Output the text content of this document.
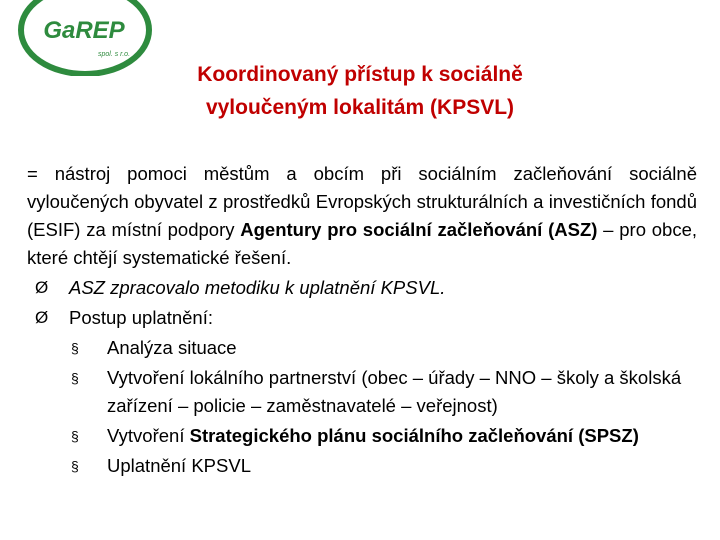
GaREP
spol. s r.o.
Koordinovaný přístup k sociálně
vyloučeným lokalitám (KPSVL)

= nástroj pomoci městům a obcím při sociálním začleňování sociálně vyloučených obyvatel z prostředků Evropských strukturálních a investičních fondů (ESIF) za místní podpory Agentury pro sociální začleňování (ASZ) – pro obce, které chtějí systematické řešení.

Ø ASZ zpracovalo metodiku k uplatnění KPSVL.
Ø Postup uplatnění:
§ Analýza situace
§ Vytvoření lokálního partnerství (obec – úřady – NNO – školy a školská zařízení – policie – zaměstnavatelé – veřejnost)
§ Vytvoření Strategického plánu sociálního začleňování (SPSZ)
§ Uplatnění KPSVL
